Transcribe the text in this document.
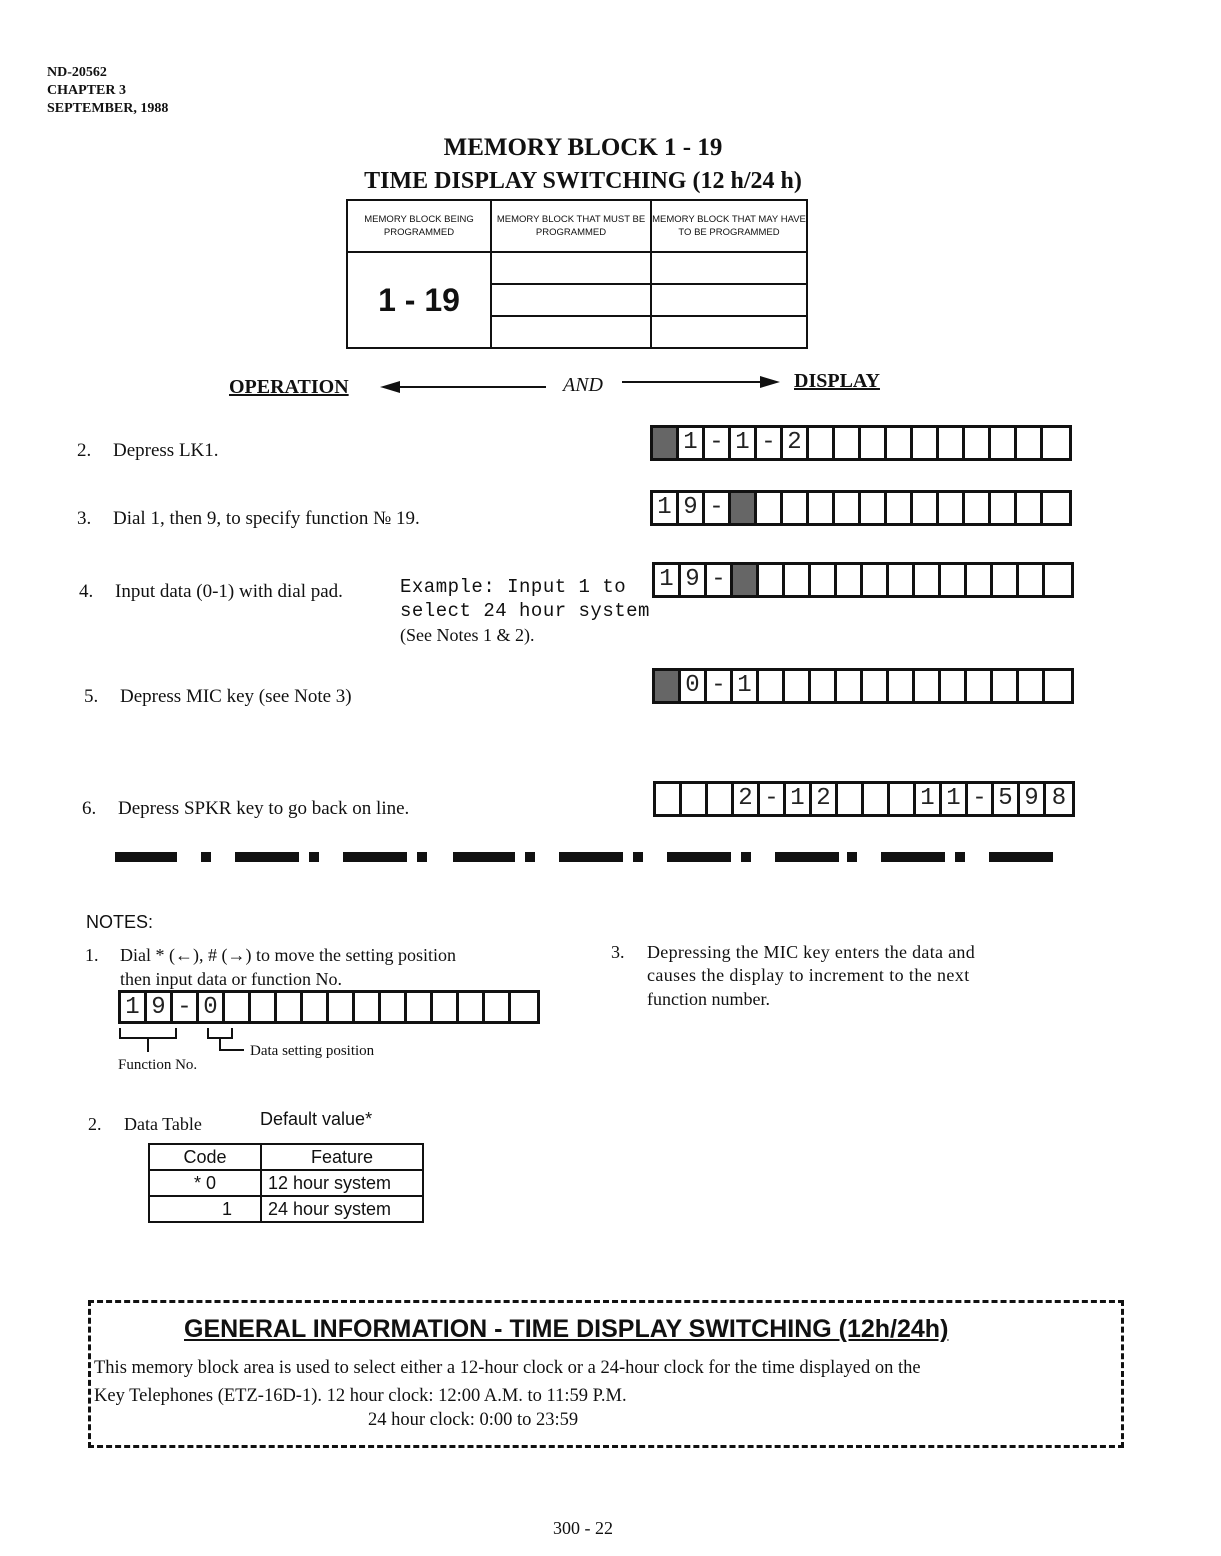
ND-20562
CHAPTER 3
SEPTEMBER, 1988
MEMORY BLOCK 1 - 19
TIME DISPLAY SWITCHING (12 h/24 h)
MEMORY BLOCK BEING PROGRAMMED	MEMORY BLOCK THAT MUST BE PROGRAMMED	MEMORY BLOCK THAT MAY HAVE TO BE PROGRAMMED
1 - 19		

OPERATION	AND	DISPLAY
2. Depress LK1.	1 - 1 - 2
3. Dial 1, then 9, to specify function № 19.	1 9 -
4. Input data (0-1) with dial pad.	Example: Input 1 to
select 24 hour system
(See Notes 1 & 2).
1 9 -
5. Depress MIC key (see Note 3)	0 - 1
6. Depress SPKR key to go back on line.	2 - 1 2	1 1 - 5 9 8
NOTES:
1. Dial * (←), # (→) to move the setting position
then input data or function No.
1 9 - 0
Function No.
Data setting position
2. Data Table	Default value*
Code	Feature
* 0	12 hour system
1	24 hour system
3. Depressing the MIC key enters the data and
causes the display to increment to the next
function number.
GENERAL INFORMATION - TIME DISPLAY SWITCHING (12h/24h)
This memory block area is used to select either a 12-hour clock or a 24-hour clock for the time displayed on the
Key Telephones (ETZ-16D-1). 12 hour clock: 12:00 A.M. to 11:59 P.M.
24 hour clock: 0:00 to 23:59
300 - 22
